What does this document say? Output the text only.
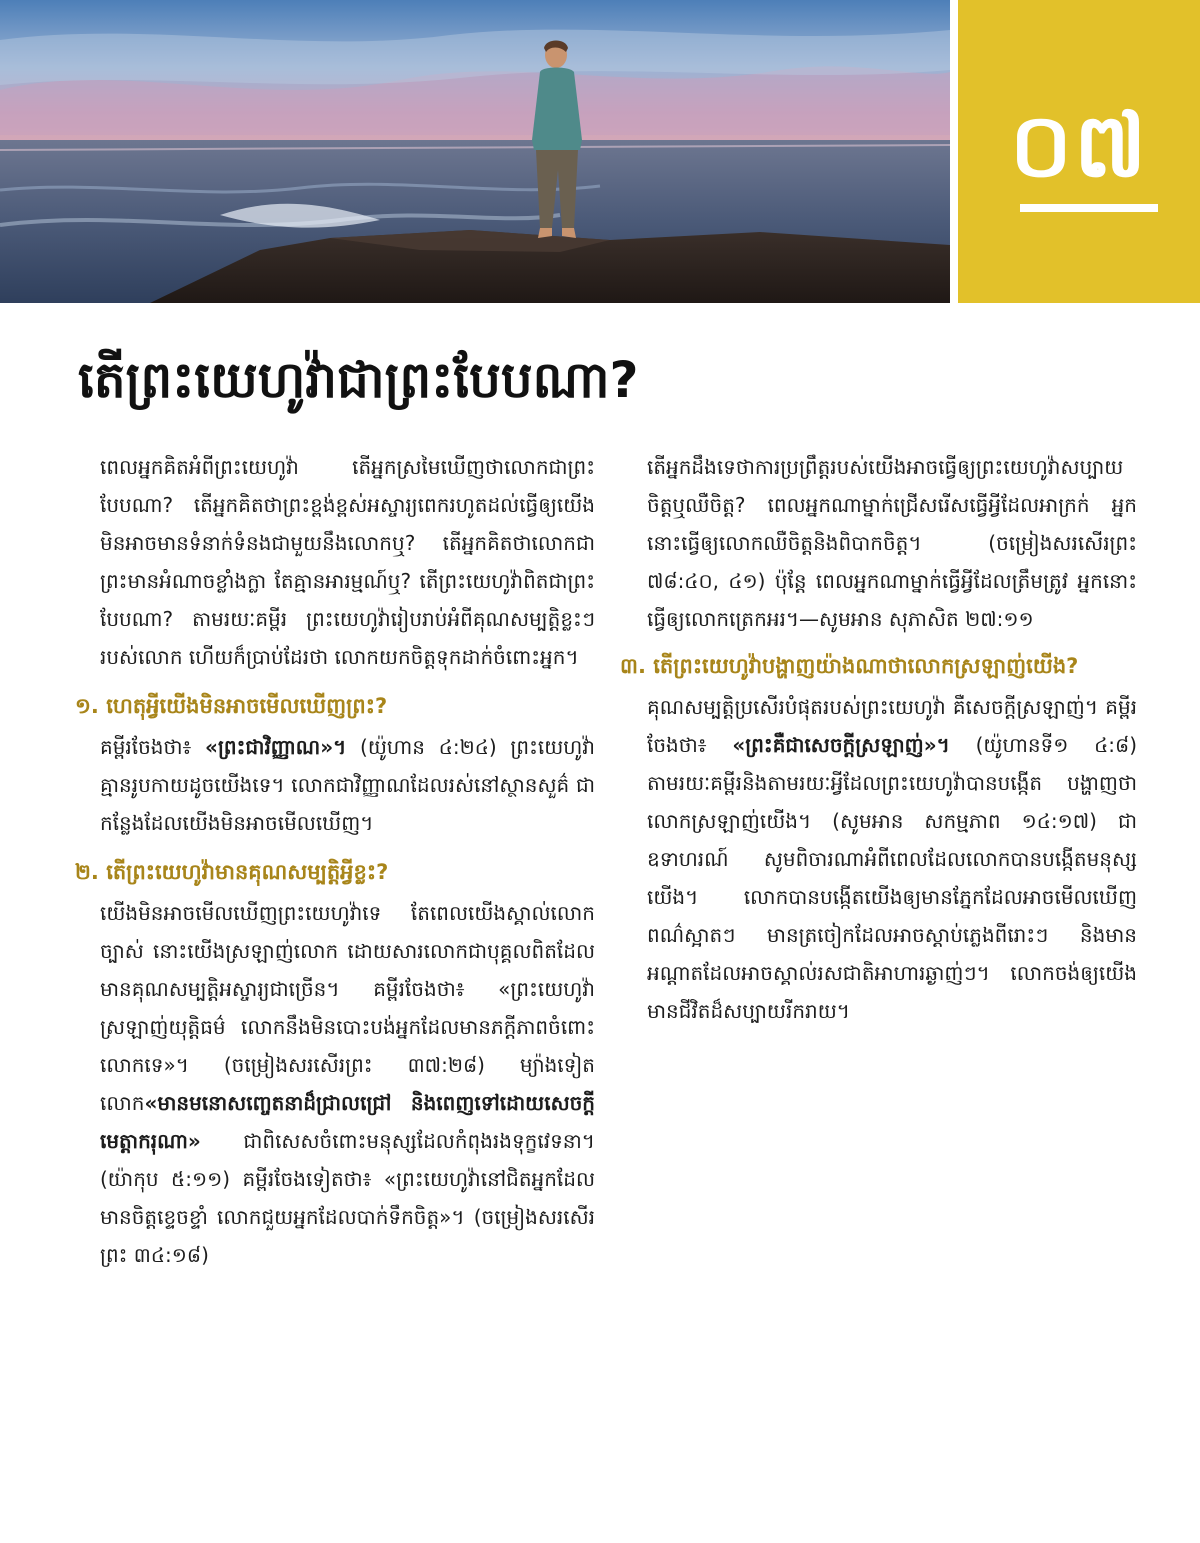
០៧
តើព្រះយេហូវ៉ាជាព្រះបែបណា?

ពេលអ្នកគិតអំពីព្រះយេហូវ៉ា តើអ្នកស្រមៃឃើញថាលោកជាព្រះបែបណា? តើអ្នកគិតថាព្រះខ្ពង់ខ្ពស់អស្ចារ្យពេករហូតដល់ធ្វើឲ្យយើងមិនអាចមានទំនាក់ទំនងជាមួយនឹងលោកឬ? តើអ្នកគិតថាលោកជាព្រះមានអំណាចខ្លាំងក្លា តែគ្មានអារម្មណ៍ឬ? តើព្រះយេហូវ៉ាពិតជាព្រះបែបណា? តាមរយៈគម្ពីរ ព្រះយេហូវ៉ារៀបរាប់អំពីគុណសម្បត្តិខ្លះៗរបស់លោក ហើយក៏ប្រាប់ដែរថា លោកយកចិត្តទុកដាក់ចំពោះអ្នក។

១. ហេតុអ្វីយើងមិនអាចមើលឃើញព្រះ?

គម្ពីរចែងថា៖ «ព្រះជាវិញ្ញាណ»។ (យ៉ូហាន ៤:២៤) ព្រះយេហូវ៉ាគ្មានរូបកាយដូចយើងទេ។ លោកជាវិញ្ញាណដែលរស់នៅស្ថានសួគ៌ ជាកន្លែងដែលយើងមិនអាចមើលឃើញ។

២. តើព្រះយេហូវ៉ាមានគុណសម្បត្តិអ្វីខ្លះ?

យើងមិនអាចមើលឃើញព្រះយេហូវ៉ាទេ តែពេលយើងស្គាល់លោកច្បាស់ នោះយើងស្រឡាញ់លោក ដោយសារលោកជាបុគ្គលពិតដែលមានគុណសម្បត្តិអស្ចារ្យជាច្រើន។ គម្ពីរចែងថា៖ «ព្រះយេហូវ៉ាស្រឡាញ់យុត្តិធម៌ លោកនឹងមិនបោះបង់អ្នកដែលមានភក្ដីភាពចំពោះលោកទេ»។ (ចម្រៀងសរសើរព្រះ ៣៧:២៨) ម្យ៉ាងទៀត លោក«មានមនោសញ្ចេតនាដ៏ជ្រាលជ្រៅ និងពេញទៅដោយសេចក្ដីមេត្តាករុណា» ជាពិសេសចំពោះមនុស្សដែលកំពុងរងទុក្ខវេទនា។ (យ៉ាកុប ៥:១១) គម្ពីរចែងទៀតថា៖ «ព្រះយេហូវ៉ានៅជិតអ្នកដែលមានចិត្តខ្ទេចខ្ទាំ លោកជួយអ្នកដែលបាក់ទឹកចិត្ត»។ (ចម្រៀងសរសើរព្រះ ៣៤:១៨)

៣. តើព្រះយេហូវ៉ាបង្ហាញយ៉ាងណាថាលោកស្រឡាញ់យើង?

គុណសម្បត្តិប្រសើរបំផុតរបស់ព្រះយេហូវ៉ា គឺសេចក្ដីស្រឡាញ់។ គម្ពីរចែងថា៖ «ព្រះគឺជាសេចក្ដីស្រឡាញ់»។ (យ៉ូហានទី១ ៤:៨) តាមរយៈគម្ពីរនិងតាមរយៈអ្វីដែលព្រះយេហូវ៉ាបានបង្កើត បង្ហាញថាលោកស្រឡាញ់យើង។ (សូមអាន សកម្មភាព ១៤:១៧) ជាឧទាហរណ៍ សូមពិចារណាអំពីពេលដែលលោកបានបង្កើតមនុស្សយើង។ លោកបានបង្កើតយើងឲ្យមានភ្នែកដែលអាចមើលឃើញពណ៌ស្អាតៗ មានត្រចៀកដែលអាចស្ដាប់ភ្លេងពីរោះៗ និងមានអណ្ដាតដែលអាចស្គាល់រសជាតិអាហារឆ្ងាញ់ៗ។ លោកចង់ឲ្យយើងមានជីវិតដ៏សប្បាយរីករាយ។

តើអ្នកដឹងទេថាការប្រព្រឹត្តរបស់យើងអាចធ្វើឲ្យព្រះយេហូវ៉ាសប្បាយចិត្តឬឈឺចិត្ត? ពេលអ្នកណាម្នាក់ជ្រើសរើសធ្វើអ្វីដែលអាក្រក់ អ្នកនោះធ្វើឲ្យលោកឈឺចិត្តនិងពិបាកចិត្ត។ (ចម្រៀងសរសើរព្រះ ៧៨:៤០, ៤១) ប៉ុន្តែ ពេលអ្នកណាម្នាក់ធ្វើអ្វីដែលត្រឹមត្រូវ អ្នកនោះធ្វើឲ្យលោកត្រេកអរ។—សូមអាន សុភាសិត ២៧:១១
